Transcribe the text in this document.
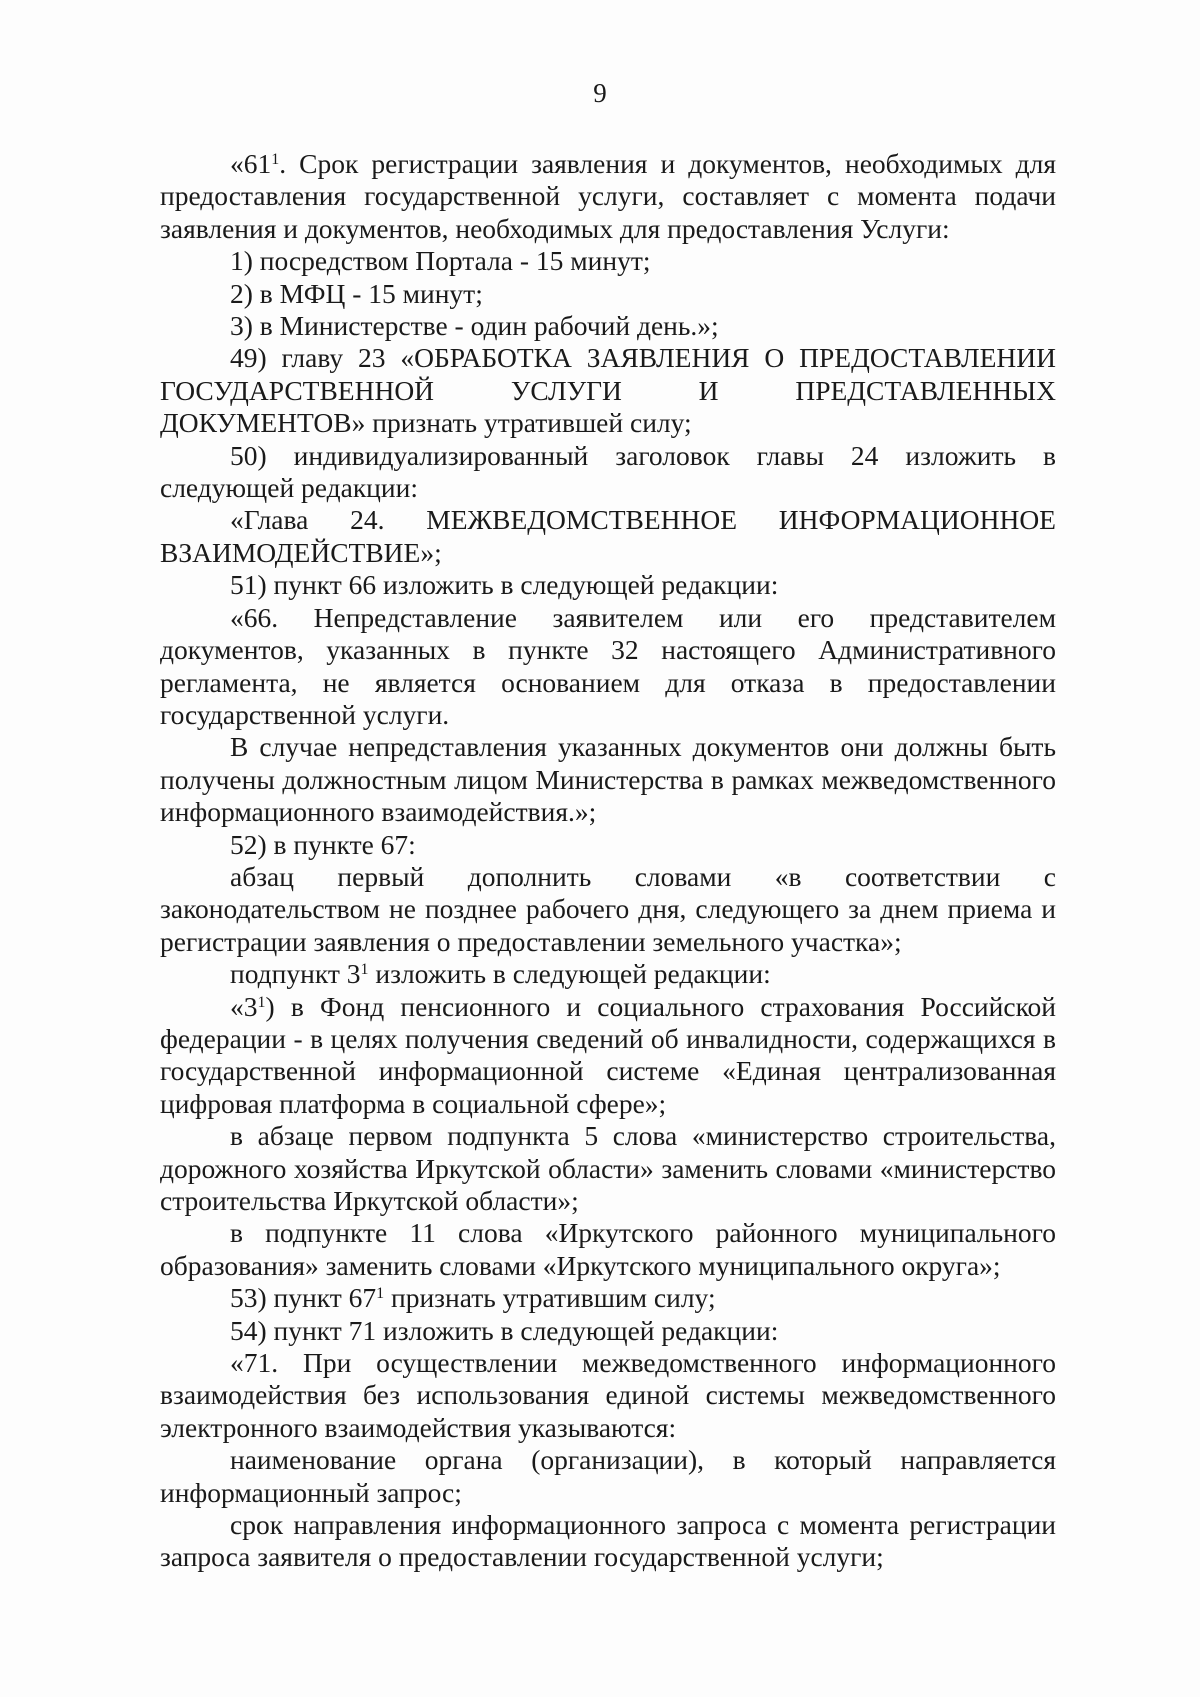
9

«$61^1$. Срок регистрации заявления и документов, необходимых для предоставления государственной услуги, составляет с момента подачи заявления и документов, необходимых для предоставления Услуги:

1) посредством Портала - 15 минут;

2) в МФЦ - 15 минут;

3) в Министерстве - один рабочий день.»;

49) главу 23 «ОБРАБОТКА ЗАЯВЛЕНИЯ О ПРЕДОСТАВЛЕНИИ ГОСУДАРСТВЕННОЙ УСЛУГИ И ПРЕДСТАВЛЕННЫХ ДОКУМЕНТОВ» признать утратившей силу;

50) индивидуализированный заголовок главы 24 изложить в следующей редакции:

«Глава 24. МЕЖВЕДОМСТВЕННОЕ ИНФОРМАЦИОННОЕ ВЗАИМОДЕЙСТВИЕ»;

51) пункт 66 изложить в следующей редакции:

«66. Непредставление заявителем или его представителем документов, указанных в пункте 32 настоящего Административного регламента, не является основанием для отказа в предоставлении государственной услуги.

В случае непредставления указанных документов они должны быть получены должностным лицом Министерства в рамках межведомственного информационного взаимодействия.»;

52) в пункте 67:

абзац первый дополнить словами «в соответствии с законодательством не позднее рабочего дня, следующего за днем приема и регистрации заявления о предоставлении земельного участка»;

подпункт $3^1$ изложить в следующей редакции:

«$3^1$) в Фонд пенсионного и социального страхования Российской федерации - в целях получения сведений об инвалидности, содержащихся в государственной информационной системе «Единая централизованная цифровая платформа в социальной сфере»;

в абзаце первом подпункта 5 слова «министерство строительства, дорожного хозяйства Иркутской области» заменить словами «министерство строительства Иркутской области»;

в подпункте 11 слова «Иркутского районного муниципального образования» заменить словами «Иркутского муниципального округа»;

53) пункт $67^1$ признать утратившим силу;

54) пункт 71 изложить в следующей редакции:

«71. При осуществлении межведомственного информационного взаимодействия без использования единой системы межведомственного электронного взаимодействия указываются:

наименование органа (организации), в который направляется информационный запрос;

срок направления информационного запроса с момента регистрации запроса заявителя о предоставлении государственной услуги;
